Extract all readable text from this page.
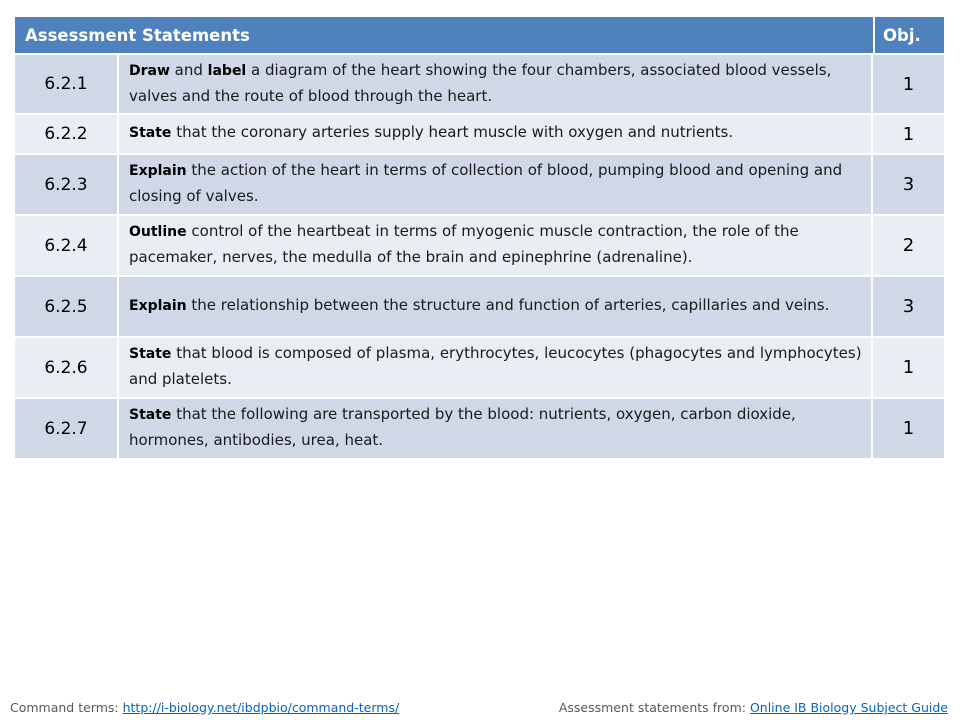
Assessment Statements		Obj.
6.2.1	Draw and label a diagram of the heart showing the four chambers, associated blood vessels, valves and the route of blood through the heart.	1
6.2.2	State that the coronary arteries supply heart muscle with oxygen and nutrients.	1
6.2.3	Explain the action of the heart in terms of collection of blood, pumping blood and opening and closing of valves.	3
6.2.4	Outline control of the heartbeat in terms of myogenic muscle contraction, the role of the pacemaker, nerves, the medulla of the brain and epinephrine (adrenaline).	2
6.2.5	Explain the relationship between the structure and function of arteries, capillaries and veins.	3
6.2.6	State that blood is composed of plasma, erythrocytes, leucocytes (phagocytes and lymphocytes) and platelets.	1
6.2.7	State that the following are transported by the blood: nutrients, oxygen, carbon dioxide, hormones, antibodies, urea, heat.	1
Command terms: http://i-biology.net/ibdpbio/command-terms/	Assessment statements from: Online IB Biology Subject Guide
